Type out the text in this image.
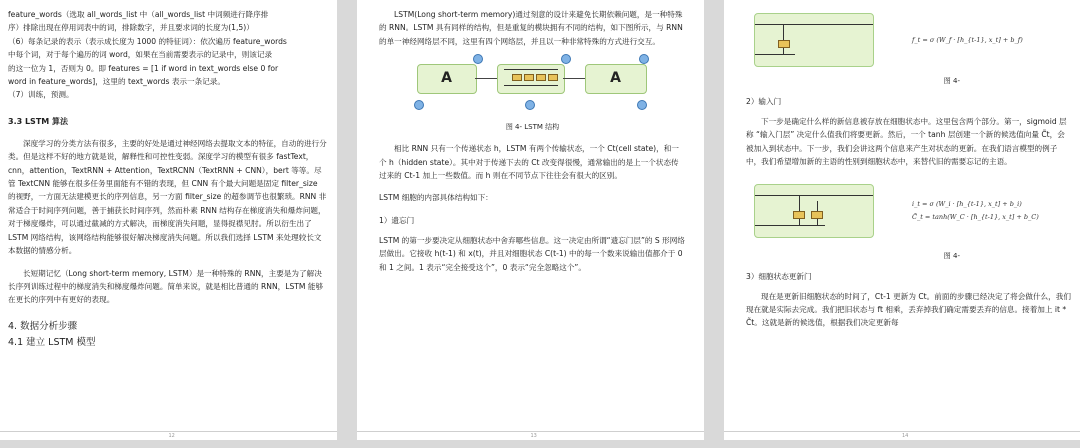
feature_words（选取 all_words_list 中（all_words_list 中词频进行降序排

序）排除出现在停用词表中的词，排除数字，并且要求词的长度为(1,5)）

（6）每条记录的表示（表示成长度为 1000 的特征词）：依次遍历 feature_words

中每个词，对于每个遍历的词 word，如果在当前需要表示的记录中，则该记录

的这一位为 1，否则为 0。即 features = [1 if word in text_words else 0 for

word in feature_words]，这里的 text_words 表示一条记录。

（7）训练，预测。

3.3 LSTM 算法

深度学习的分类方法有很多，主要的好处是通过神经网络去提取文本的特征，自动的进行分类。但是这样不好的地方就是说，解释性和可控性变弱。深度学习的模型有很多 fastText，cnn，attention，TextRNN + Attention，TextRCNN（TextRNN + CNN），bert 等等。尽管 TextCNN 能够在很多任务里面能有不错的表现，但 CNN 有个最大问题是固定 filter_size 的视野，一方面无法建模更长的序列信息，另一方面 filter_size 的超参调节也很繁琐。RNN 非常适合于时间序列问题，善于捕获长时间序列，然而朴素 RNN 结构存在梯度消失和爆炸问题，对于梯度爆炸，可以通过截减的方式解决，而梯度消失问题，显得捉襟见肘。所以衍生出了 LSTM 网络结构，该网络结构能够很好解决梯度消失问题。所以我们选择 LSTM 来处理较长文本数据的情感分析。

长短期记忆（Long short-term memory, LSTM）是一种特殊的 RNN，主要是为了解决长序列训练过程中的梯度消失和梯度爆炸问题。简单来说，就是相比普通的 RNN，LSTM 能够在更长的序列中有更好的表现。

4. 数据分析步骤

4.1 建立 LSTM 模型

12

LSTM(Long short-term memory)通过刻意的设计来避免长期依赖问题，是一种特殊的 RNN。LSTM 具有同样的结构，但是重复的模块拥有不同的结构，如下图所示，与 RNN 的单一神经网络层不同，这里有四个网络层，并且以一种非常特殊的方式进行交互。

A	A
图 4- LSTM 结构

相比 RNN 只有一个传递状态 h，LSTM 有两个传输状态，一个 Ct(cell state)，和一个 h（hidden state）。其中对于传递下去的 Ct 改变得很慢，通常输出的是上一个状态传过来的 Ct-1 加上一些数值。而 h 则在不同节点下往往会有很大的区别。

LSTM 细胞的内部具体结构如下：

1）遗忘门

LSTM 的第一步要决定从细胞状态中舍弃哪些信息。这一决定由所谓“遗忘门层”的 S 形网络层做出。它接收 h(t-1) 和 x(t)，并且对细胞状态 C(t-1) 中的每一个数来说输出值都介于 0 和 1 之间。1 表示“完全接受这个”，0 表示“完全忽略这个”。

13
f_t = σ (W_f · [h_{t-1}, x_t] + b_f)
图 4-
2）输入门

下一步是确定什么样的新信息被存放在细胞状态中。这里包含两个部分。第一，sigmoid 层称 “输入门层” 决定什么值我们将要更新。然后，一个 tanh 层创建一个新的候选值向量 C̃t，会被加入到状态中。下一步，我们会讲这两个信息来产生对状态的更新。在我们语言模型的例子中，我们希望增加新的主语的性别到细胞状态中，来替代旧的需要忘记的主语。

i_t = σ (W_i · [h_{t-1}, x_t] + b_i)
C̃_t = tanh(W_C · [h_{t-1}, x_t] + b_C)
图 4-
3）细胞状态更新门

现在是更新旧细胞状态的时间了，Ct-1 更新为 Ct。前面的步骤已经决定了将会做什么，我们现在就是实际去完成。我们把旧状态与 ft 相乘，丢弃掉我们确定需要丢弃的信息。接着加上 it * C̃t。这就是新的候选值，根据我们决定更新每

14
